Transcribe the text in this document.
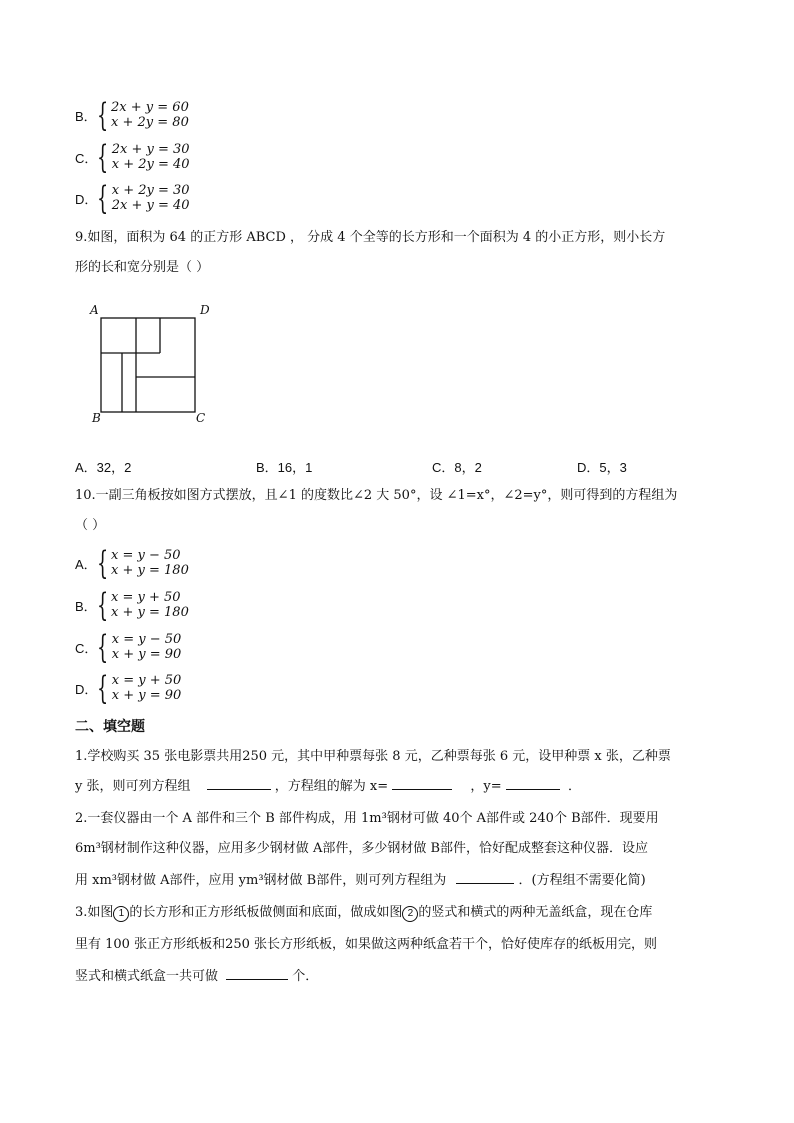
B． { 2x + y = 60
x + 2y = 80
C． { 2x + y = 30
x + 2y = 40
D． { x + 2y = 30
2x + y = 40
9.如图，面积为 64 的正方形 ABCD ， 分成 4 个全等的长方形和一个面积为 4 的小正方形，则小长方
形的长和宽分别是（ ）
A	D
B	C
A．32，2	B．16，1	C．8，2	D．5，3
10.一副三角板按如图方式摆放，且∠1 的度数比∠2 大 50°，设 ∠1=x°，∠2=y°，则可得到的方程组为
（ ）
A． { x = y − 50
x + y = 180
B． { x = y + 50
x + y = 180
C． { x = y − 50
x + y = 90
D． { x = y + 50
x + y = 90
二、填空题
1.学校购买 35 张电影票共用250 元，其中甲种票每张 8 元，乙种票每张 6 元，设甲种票 x 张，乙种票
y 张，则可列方程组	，方程组的解为 x=	，y=	．
2.一套仪器由一个 A 部件和三个 B 部件构成，用 1m³钢材可做 40个 A部件或 240个 B部件．现要用
6m³钢材制作这种仪器，应用多少钢材做 A部件，多少钢材做 B部件，恰好配成整套这种仪器．设应
用 xm³钢材做 A部件，应用 ym³钢材做 B部件，则可列方程组为	．(方程组不需要化简)
3.如图 1 的长方形和正方形纸板做侧面和底面，做成如图 2 的竖式和横式的两种无盖纸盒，现在仓库
里有 100 张正方形纸板和250 张长方形纸板，如果做这两种纸盒若干个，恰好使库存的纸板用完，则
竖式和横式纸盒一共可做	个．
